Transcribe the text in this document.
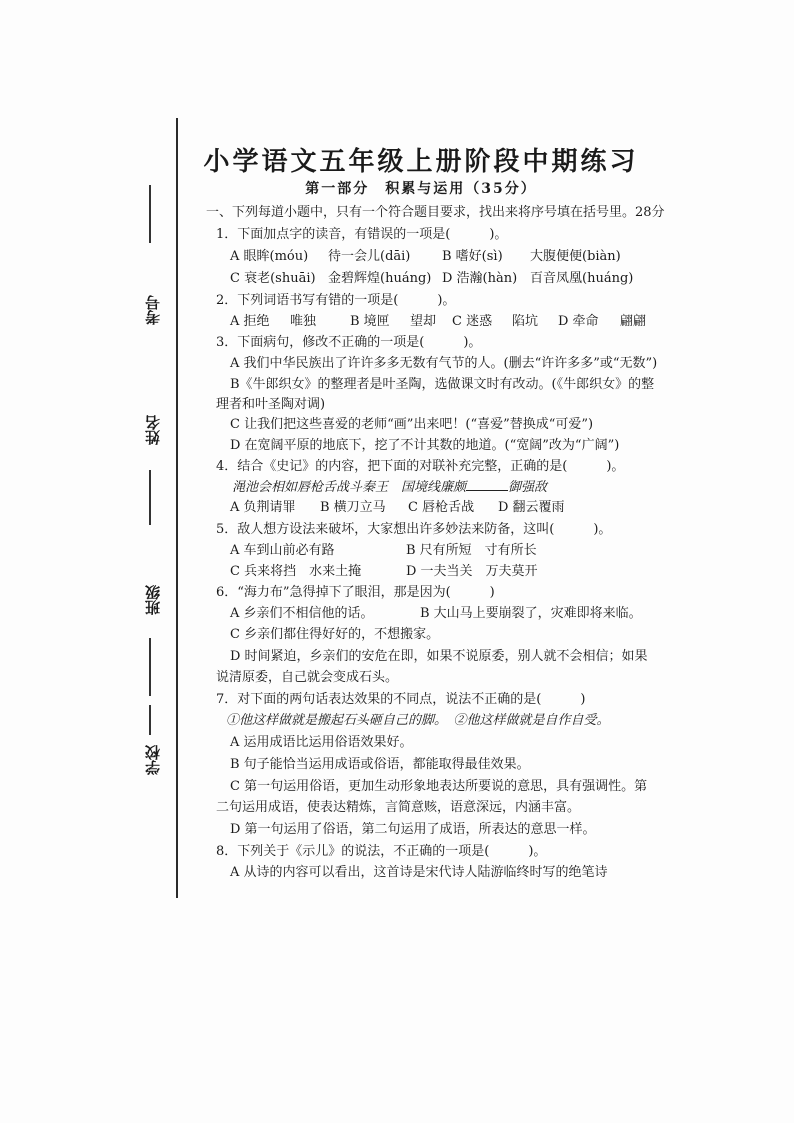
考号
姓名
班级
学校
小学语文五年级上册阶段中期练习
第一部分　积累与运用（35分）
一、下列每道小题中，只有一个符合题目要求，找出来将序号填在括号里。28分
1．下面加点字的读音，有错误的一项是(　　　)。
A 眼眸(móu) 待一会儿(dāi) B 嗜好(sì) 大腹便便(biàn)
C 衰老(shuāi) 金碧辉煌(huáng) D 浩瀚(hàn) 百音凤凰(huáng)
2．下列词语书写有错的一项是(　　　)。
A 拒绝 唯独	B 境匣 望却 C 迷惑 陷坑 D 牵命 翩翩
3．下面病句，修改不正确的一项是(　　　)。
A 我们中华民族出了许许多多无数有气节的人。(删去“许许多多”或“无数”)
B《牛郎织女》的整理者是叶圣陶，选做课文时有改动。(《牛郎织女》的整
理者和叶圣陶对调)
C 让我们把这些喜爱的老师“画”出来吧！(“喜爱”替换成“可爱”)
D 在宽阔平原的地底下，挖了不计其数的地道。(“宽阔”改为“广阔”)
4．结合《史记》的内容，把下面的对联补充完整，正确的是(　　　)。
渑池会相如唇枪舌战斗秦王　国境线廉颇	御强敌
A 负荆请罪 B 横刀立马 C 唇枪舌战 D 翻云覆雨
5．敌人想方设法来破坏，大家想出许多妙法来防备，这叫(　　　)。
A 车到山前必有路	B 尺有所短　寸有所长
C 兵来将挡　水来土掩	D 一夫当关　万夫莫开
6．“海力布”急得掉下了眼泪，那是因为(　　　)
A 乡亲们不相信他的话。	B 大山马上要崩裂了，灾难即将来临。
C 乡亲们都住得好好的，不想搬家。
D 时间紧迫，乡亲们的安危在即，如果不说原委，别人就不会相信；如果
说清原委，自己就会变成石头。
7．对下面的两句话表达效果的不同点，说法不正确的是(　　　)
①他这样做就是搬起石头砸自己的脚。　②他这样做就是自作自受。
A 运用成语比运用俗语效果好。
B 句子能恰当运用成语或俗语，都能取得最佳效果。
C 第一句运用俗语，更加生动形象地表达所要说的意思，具有强调性。第
二句运用成语，使表达精炼，言简意赅，语意深远，内涵丰富。
D 第一句运用了俗语，第二句运用了成语，所表达的意思一样。
8．下列关于《示儿》的说法，不正确的一项是(　　　)。
A 从诗的内容可以看出，这首诗是宋代诗人陆游临终时写的绝笔诗
